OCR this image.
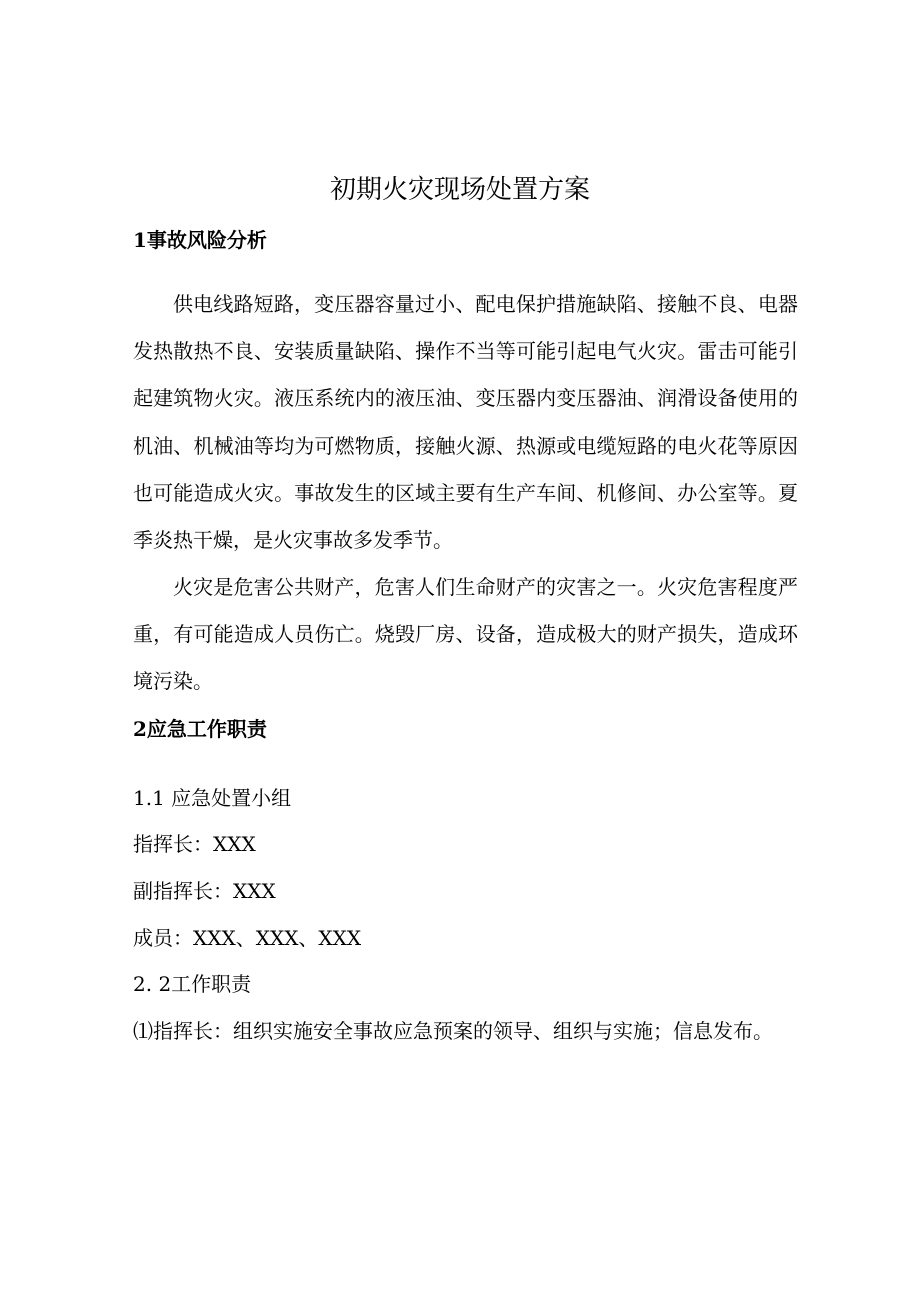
初期火灾现场处置方案
1事故风险分析

供电线路短路，变压器容量过小、配电保护措施缺陷、接触不良、电器发热散热不良、安装质量缺陷、操作不当等可能引起电气火灾。雷击可能引起建筑物火灾。液压系统内的液压油、变压器内变压器油、润滑设备使用的机油、机械油等均为可燃物质，接触火源、热源或电缆短路的电火花等原因也可能造成火灾。事故发生的区域主要有生产车间、机修间、办公室等。夏季炎热干燥，是火灾事故多发季节。

火灾是危害公共财产，危害人们生命财产的灾害之一。火灾危害程度严重，有可能造成人员伤亡。烧毁厂房、设备，造成极大的财产损失，造成环境污染。

2应急工作职责
1.1 应急处置小组
指挥长：XXX
副指挥长：XXX
成员：XXX、XXX、XXX
2. 2工作职责
⑴指挥长：组织实施安全事故应急预案的领导、组织与实施；信息发布。
